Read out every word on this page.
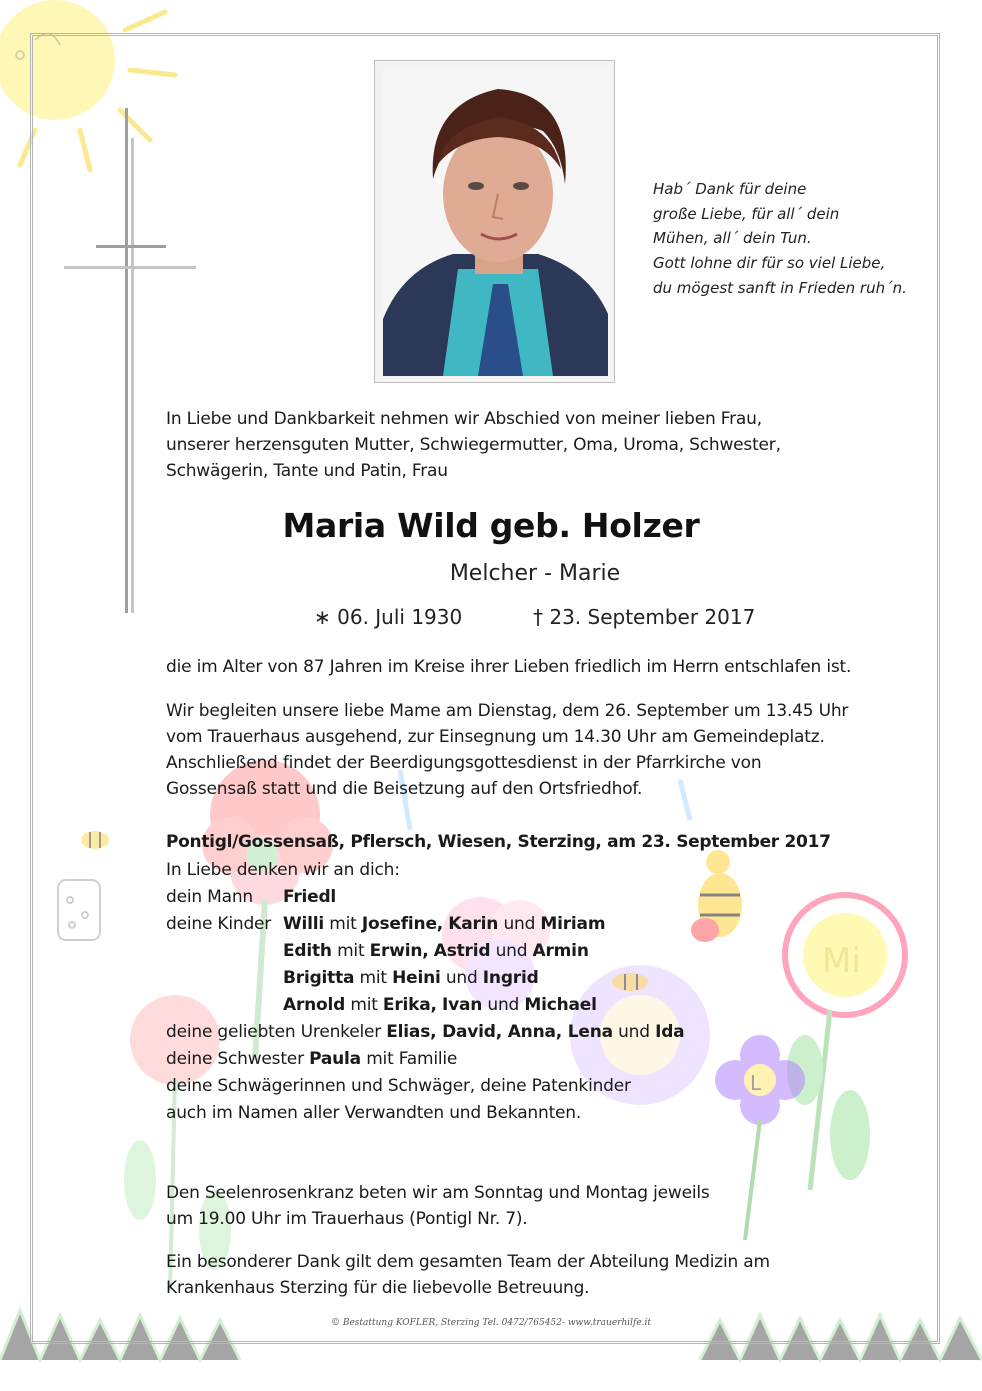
Mi
L
Hab´ Dank für deine
große Liebe, für all´ dein
Mühen, all´ dein Tun.
Gott lohne dir für so viel Liebe,
du mögest sanft in Frieden ruh´n.
In Liebe und Dankbarkeit nehmen wir Abschied von meiner lieben Frau,
unserer herzensguten Mutter, Schwiegermutter, Oma, Uroma, Schwester,
Schwägerin, Tante und Patin, Frau
Maria Wild geb. Holzer
Melcher - Marie
∗ 06. Juli 1930	† 23. September 2017
die im Alter von 87 Jahren im Kreise ihrer Lieben friedlich im Herrn entschlafen ist.
Wir begleiten unsere liebe Mame am Dienstag, dem 26. September um 13.45 Uhr
vom Trauerhaus ausgehend, zur Einsegnung um 14.30 Uhr am Gemeindeplatz.
Anschließend findet der Beerdigungsgottesdienst in der Pfarrkirche von
Gossensaß statt und die Beisetzung auf den Ortsfriedhof.
Pontigl/Gossensaß, Pflersch, Wiesen, Sterzing, am 23. September 2017
In Liebe denken wir an dich:
dein Mann Friedl
deine Kinder Willi mit Josefine, Karin und Miriam
Edith mit Erwin, Astrid und Armin
Brigitta mit Heini und Ingrid
Arnold mit Erika, Ivan und Michael
deine geliebten Urenkeler Elias, David, Anna, Lena und Ida
deine Schwester Paula mit Familie
deine Schwägerinnen und Schwäger, deine Patenkinder
auch im Namen aller Verwandten und Bekannten.
Den Seelenrosenkranz beten wir am Sonntag und Montag jeweils
um 19.00 Uhr im Trauerhaus (Pontigl Nr. 7).
Ein besonderer Dank gilt dem gesamten Team der Abteilung Medizin am
Krankenhaus Sterzing für die liebevolle Betreuung.
© Bestattung KOFLER, Sterzing Tel. 0472/765452- www.trauerhilfe.it
